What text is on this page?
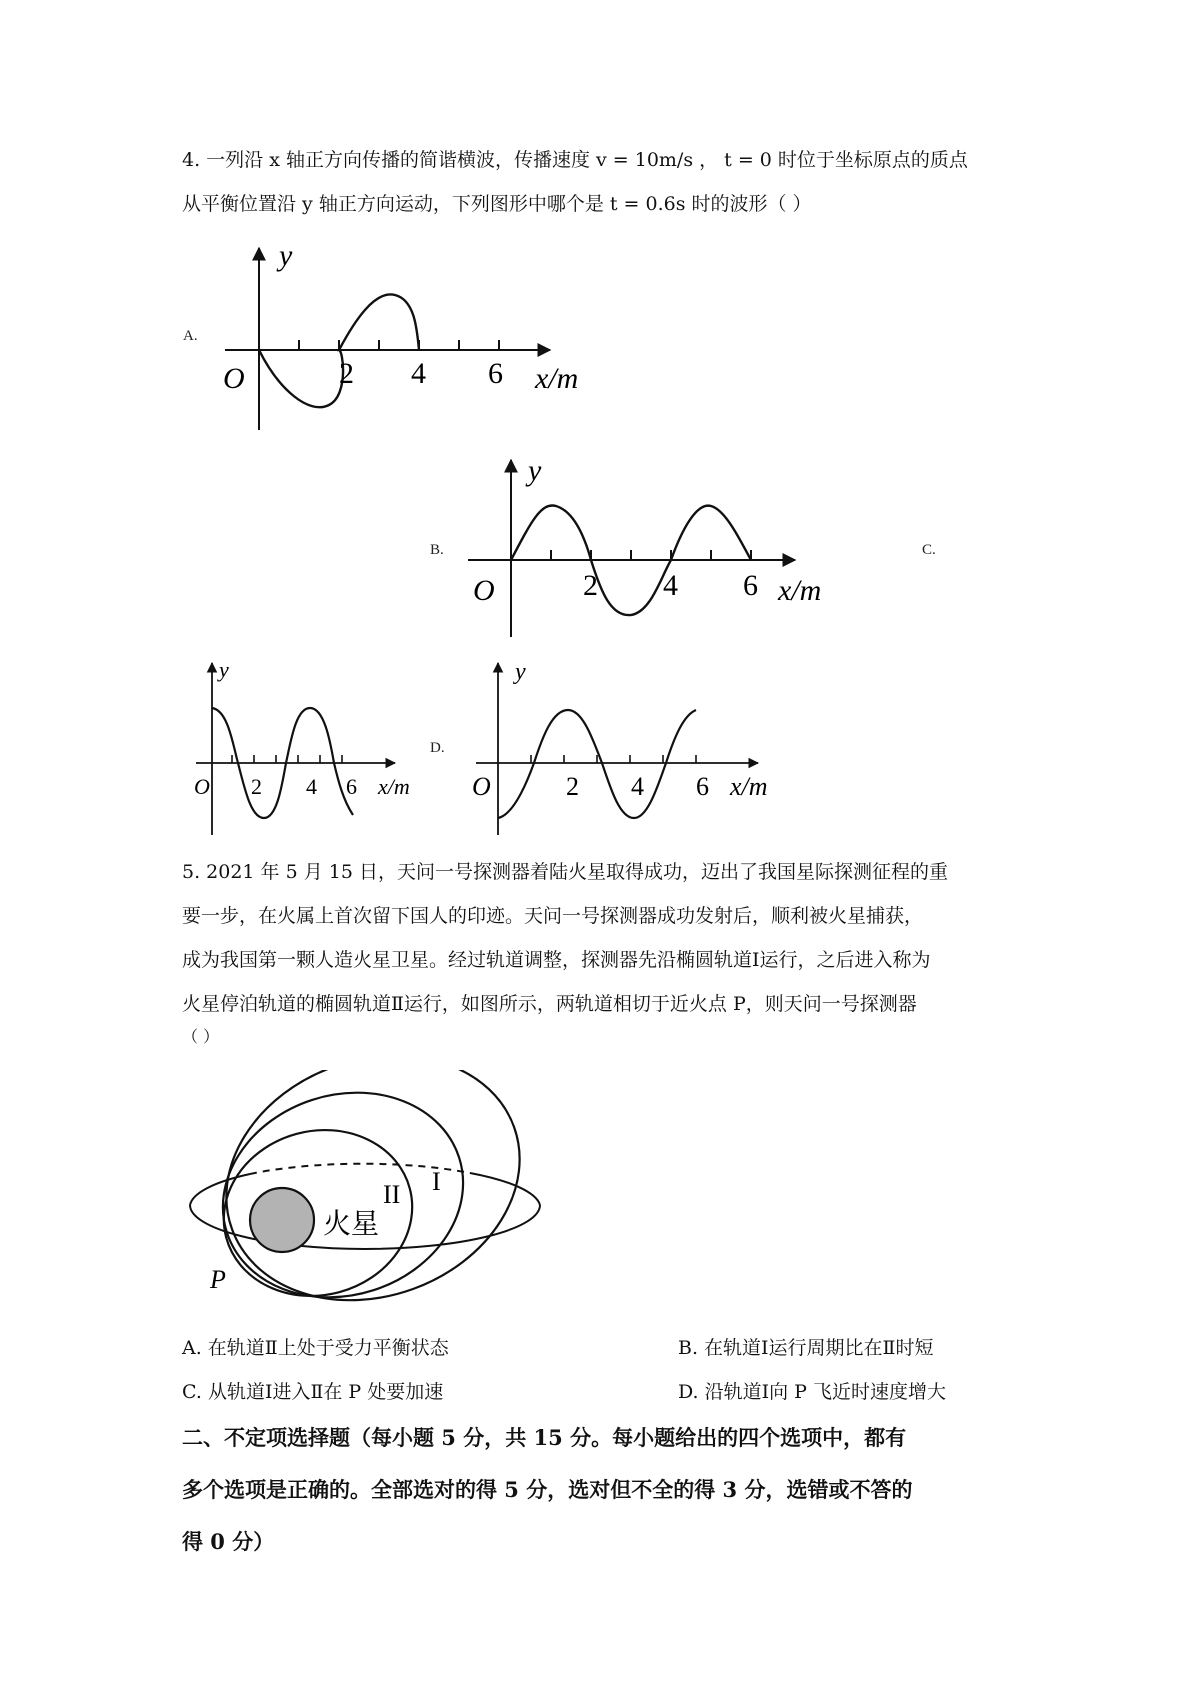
4. 一列沿 x 轴正方向传播的简谐横波，传播速度 v = 10m/s ， t = 0 时位于坐标原点的质点
从平衡位置沿 y 轴正方向运动，下列图形中哪个是 t = 0.6s 时的波形（ ）
A.
B.	C.
D.
y
O	2 4 6 x/m
y
O	2 4 6 x/m
y
O 2 4 6 x/m
y
O	2 4 6 x/m
5. 2021 年 5 月 15 日，天问一号探测器着陆火星取得成功，迈出了我国星际探测征程的重
要一步，在火属上首次留下国人的印迹。天问一号探测器成功发射后，顺利被火星捕获，
成为我国第一颗人造火星卫星。经过轨道调整，探测器先沿椭圆轨道Ⅰ运行，之后进入称为
火星停泊轨道的椭圆轨道Ⅱ运行，如图所示，两轨道相切于近火点 P，则天问一号探测器
（ ）
火星
II I
P
A. 在轨道Ⅱ上处于受力平衡状态	B. 在轨道Ⅰ运行周期比在Ⅱ时短
C. 从轨道Ⅰ进入Ⅱ在 P 处要加速	D. 沿轨道Ⅰ向 P 飞近时速度增大
二、不定项选择题（每小题 5 分，共 15 分。每小题给出的四个选项中，都有
多个选项是正确的。全部选对的得 5 分，选对但不全的得 3 分，选错或不答的
得 0 分）
